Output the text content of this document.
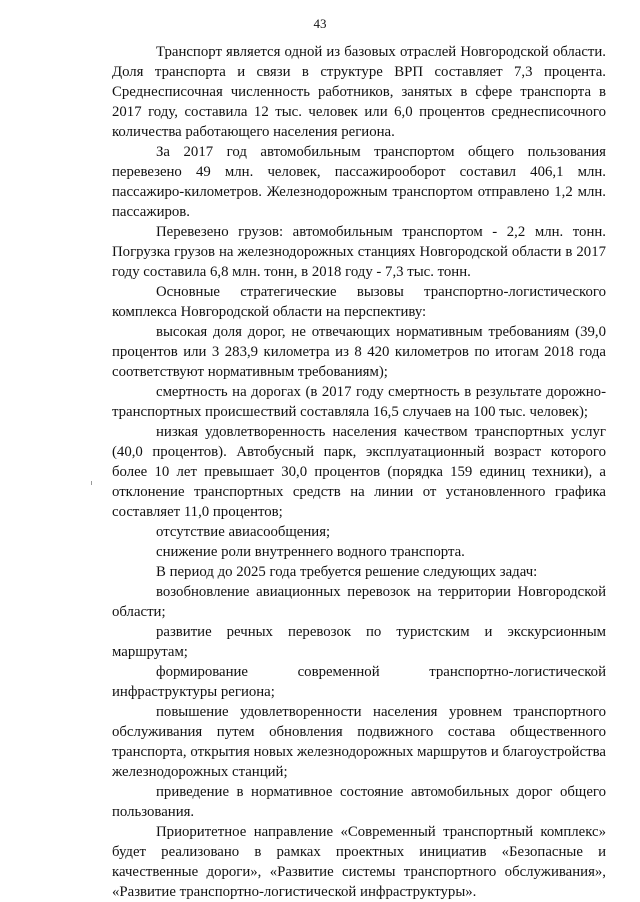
43

Транспорт является одной из базовых отраслей Новгородской области. Доля транспорта и связи в структуре ВРП составляет 7,3 процента. Среднесписочная численность работников, занятых в сфере транспорта в 2017 году, составила 12 тыс. человек или 6,0 процентов среднесписочного количества работающего населения региона.

За 2017 год автомобильным транспортом общего пользования перевезено 49 млн. человек, пассажирооборот составил 406,1 млн. пассажиро-километров. Железнодорожным транспортом отправлено 1,2 млн. пассажиров.

Перевезено грузов: автомобильным транспортом - 2,2 млн. тонн. Погрузка грузов на железнодорожных станциях Новгородской области в 2017 году составила 6,8 млн. тонн, в 2018 году - 7,3 тыс. тонн.

Основные стратегические вызовы транспортно-логистического комплекса Новгородской области на перспективу:

высокая доля дорог, не отвечающих нормативным требованиям (39,0 процентов или 3 283,9 километра из 8 420 километров по итогам 2018 года соответствуют нормативным требованиям);

смертность на дорогах (в 2017 году смертность в результате дорожно-транспортных происшествий составляла 16,5 случаев на 100 тыс. человек);

низкая удовлетворенность населения качеством транспортных услуг (40,0 процентов). Автобусный парк, эксплуатационный возраст которого более 10 лет превышает 30,0 процентов (порядка 159 единиц техники), а отклонение транспортных средств на линии от установленного графика составляет 11,0 процентов;

отсутствие авиасообщения;

снижение роли внутреннего водного транспорта.

В период до 2025 года требуется решение следующих задач:

возобновление авиационных перевозок на территории Новгородской области;

развитие речных перевозок по туристским и экскурсионным маршрутам;

формирование современной транспортно-логистической инфраструктуры региона;

повышение удовлетворенности населения уровнем транспортного обслуживания путем обновления подвижного состава общественного транспорта, открытия новых железнодорожных маршрутов и благоустройства железнодорожных станций;

приведение в нормативное состояние автомобильных дорог общего пользования.

Приоритетное направление «Современный транспортный комплекс» будет реализовано в рамках проектных инициатив «Безопасные и качественные дороги», «Развитие системы транспортного обслуживания», «Развитие транспортно-логистической инфраструктуры».
